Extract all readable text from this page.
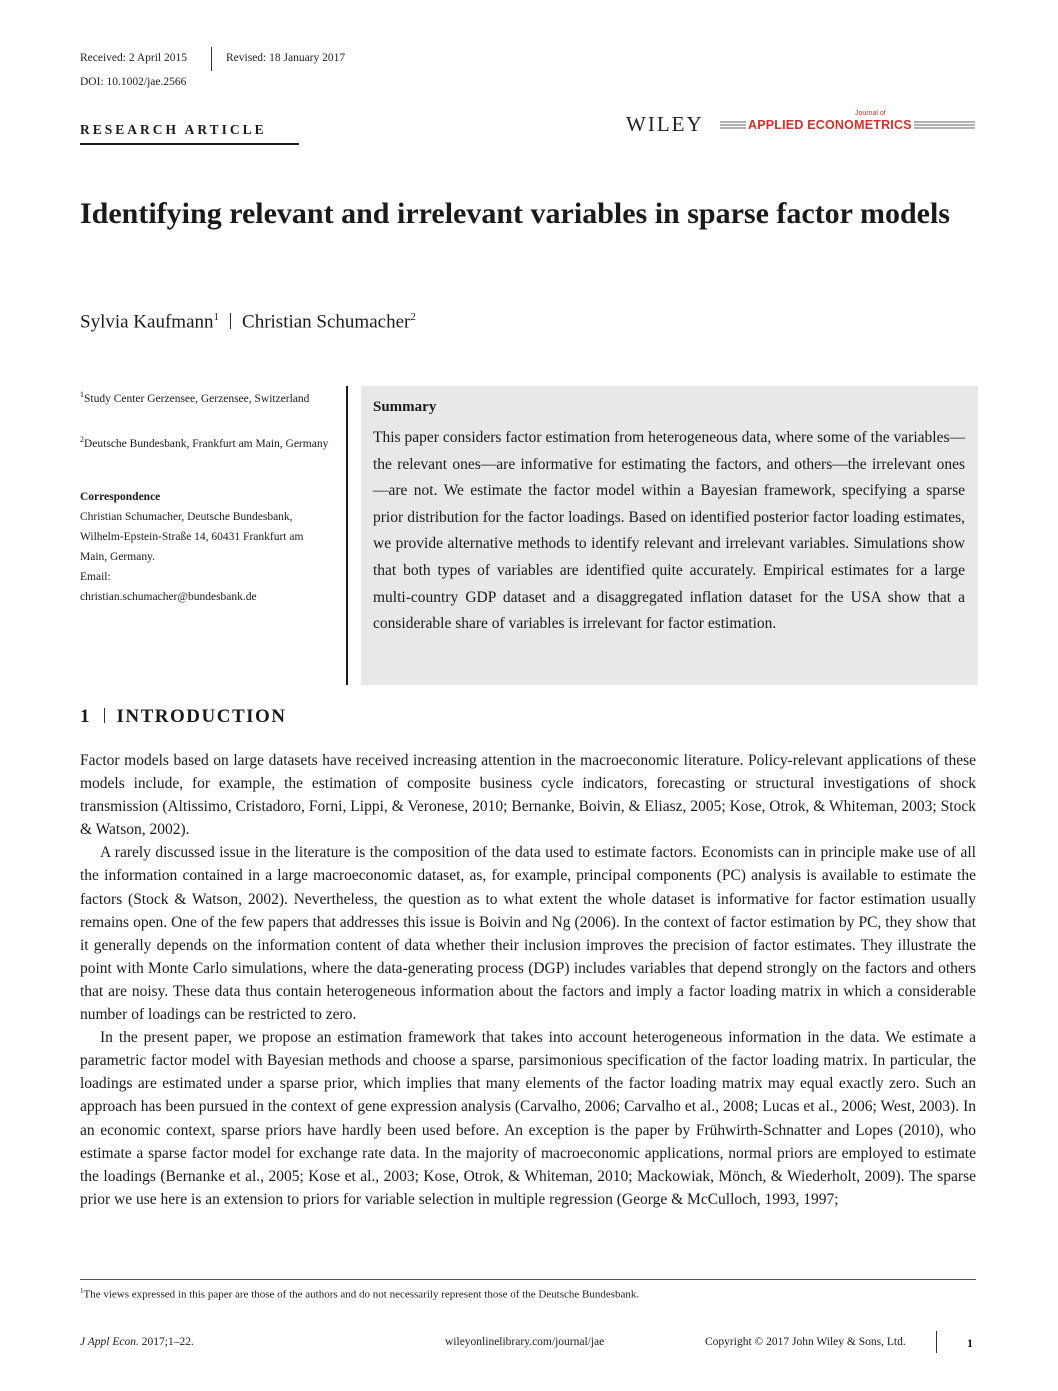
Received: 2 April 2015	Revised: 18 January 2017
DOI: 10.1002/jae.2566
RESEARCH ARTICLE	WILEY	Journal of
APPLIED ECONOMETRICS
Identifying relevant and irrelevant variables in sparse factor models
Sylvia Kaufmann$^1$ Christian Schumacher$^2$
$^1$Study Center Gerzensee, Gerzensee, Switzerland
$^2$Deutsche Bundesbank, Frankfurt am Main, Germany
Correspondence
Christian Schumacher, Deutsche Bundesbank, Wilhelm-Epstein-Straße 14, 60431 Frankfurt am Main, Germany.
Email:
christian.schumacher@bundesbank.de
Summary
This paper considers factor estimation from heterogeneous data, where some of the variables—the relevant ones—are informative for estimating the factors, and others—the irrelevant ones—are not. We estimate the factor model within a Bayesian framework, specifying a sparse prior distribution for the factor loadings. Based on identified posterior factor loading estimates, we provide alternative methods to identify relevant and irrelevant variables. Simulations show that both types of variables are identified quite accurately. Empirical estimates for a large multi-country GDP dataset and a disaggregated inflation dataset for the USA show that a considerable share of variables is irrelevant for factor estimation.
1 INTRODUCTION

Factor models based on large datasets have received increasing attention in the macroeconomic literature. Policy-relevant applications of these models include, for example, the estimation of composite business cycle indicators, forecasting or structural investigations of shock transmission (Altissimo, Cristadoro, Forni, Lippi, & Veronese, 2010; Bernanke, Boivin, & Eliasz, 2005; Kose, Otrok, & Whiteman, 2003; Stock & Watson, 2002).

A rarely discussed issue in the literature is the composition of the data used to estimate factors. Economists can in principle make use of all the information contained in a large macroeconomic dataset, as, for example, principal components (PC) analysis is available to estimate the factors (Stock & Watson, 2002). Nevertheless, the question as to what extent the whole dataset is informative for factor estimation usually remains open. One of the few papers that addresses this issue is Boivin and Ng (2006). In the context of factor estimation by PC, they show that it generally depends on the information content of data whether their inclusion improves the precision of factor estimates. They illustrate the point with Monte Carlo simulations, where the data-generating process (DGP) includes variables that depend strongly on the factors and others that are noisy. These data thus contain heterogeneous information about the factors and imply a factor loading matrix in which a considerable number of loadings can be restricted to zero.

In the present paper, we propose an estimation framework that takes into account heterogeneous information in the data. We estimate a parametric factor model with Bayesian methods and choose a sparse, parsimonious specification of the factor loading matrix. In particular, the loadings are estimated under a sparse prior, which implies that many elements of the factor loading matrix may equal exactly zero. Such an approach has been pursued in the context of gene expression analysis (Carvalho, 2006; Carvalho et al., 2008; Lucas et al., 2006; West, 2003). In an economic context, sparse priors have hardly been used before. An exception is the paper by Frühwirth-Schnatter and Lopes (2010), who estimate a sparse factor model for exchange rate data. In the majority of macroeconomic applications, normal priors are employed to estimate the loadings (Bernanke et al., 2005; Kose et al., 2003; Kose, Otrok, & Whiteman, 2010; Mackowiak, Mönch, & Wiederholt, 2009). The sparse prior we use here is an extension to priors for variable selection in multiple regression (George & McCulloch, 1993, 1997;

$^1$The views expressed in this paper are those of the authors and do not necessarily represent those of the Deutsche Bundesbank.
J Appl Econ. 2017;1–22.	wileyonlinelibrary.com/journal/jae	Copyright © 2017 John Wiley & Sons, Ltd.	1
